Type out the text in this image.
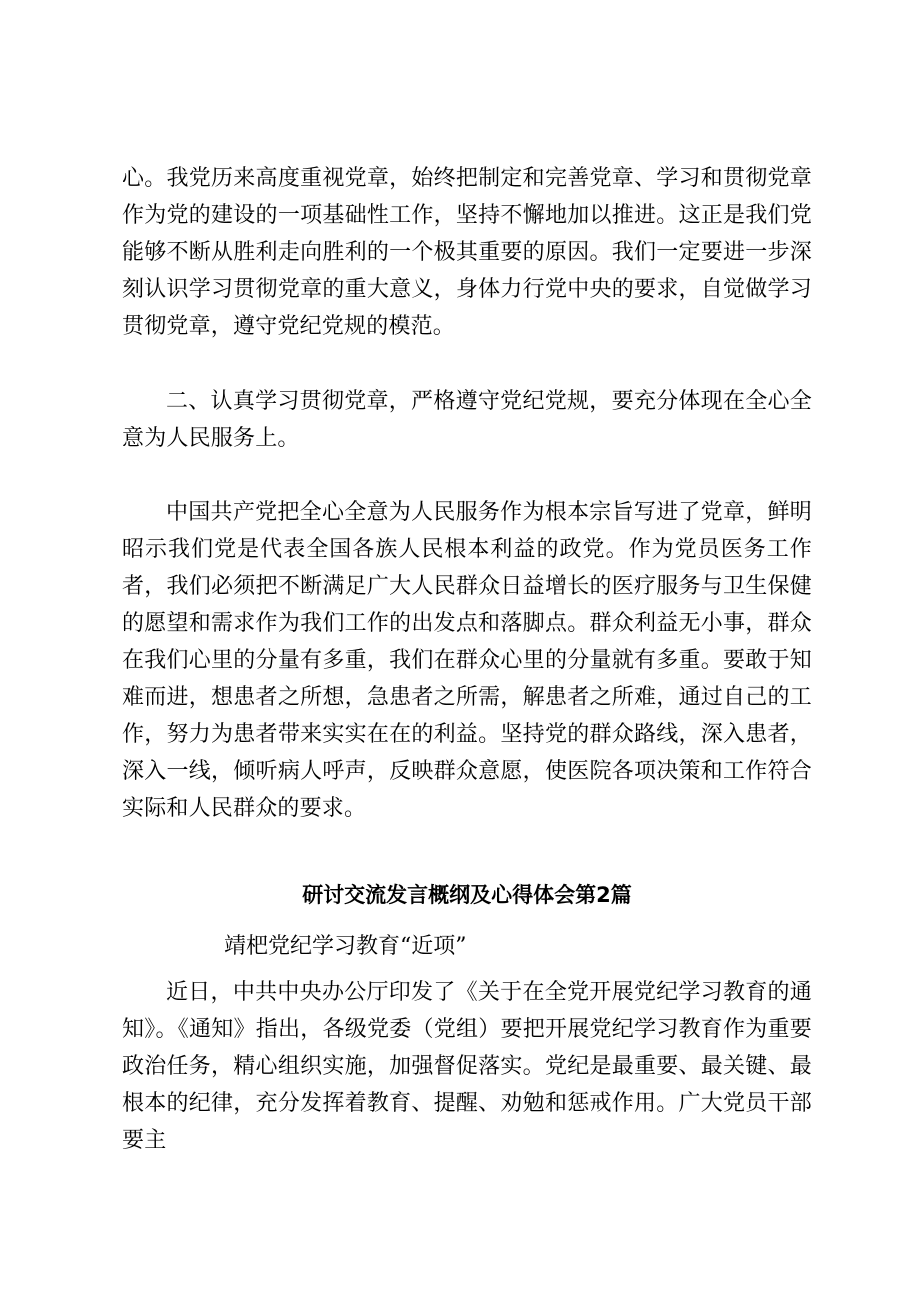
心。我党历来高度重视党章，始终把制定和完善党章、学习和贯彻党章作为党的建设的一项基础性工作，坚持不懈地加以推进。这正是我们党能够不断从胜利走向胜利的一个极其重要的原因。我们一定要进一步深刻认识学习贯彻党章的重大意义，身体力行党中央的要求，自觉做学习贯彻党章，遵守党纪党规的模范。

二、认真学习贯彻党章，严格遵守党纪党规，要充分体现在全心全意为人民服务上。

中国共产党把全心全意为人民服务作为根本宗旨写进了党章，鲜明昭示我们党是代表全国各族人民根本利益的政党。作为党员医务工作者，我们必须把不断满足广大人民群众日益增长的医疗服务与卫生保健的愿望和需求作为我们工作的出发点和落脚点。群众利益无小事，群众在我们心里的分量有多重，我们在群众心里的分量就有多重。要敢于知难而进，想患者之所想，急患者之所需，解患者之所难，通过自己的工作，努力为患者带来实实在在的利益。坚持党的群众路线，深入患者，深入一线，倾听病人呼声，反映群众意愿，使医院各项决策和工作符合实际和人民群众的要求。

研讨交流发言概纲及心得体会第2篇

靖杷党纪学习教育“近项”

近日，中共中央办公厅印发了《关于在全党开展党纪学习教育的通知》。《通知》指出，各级党委（党组）要把开展党纪学习教育作为重要政治任务，精心组织实施，加强督促落实。党纪是最重要、最关键、最根本的纪律，充分发挥着教育、提醒、劝勉和惩戒作用。广大党员干部要主
